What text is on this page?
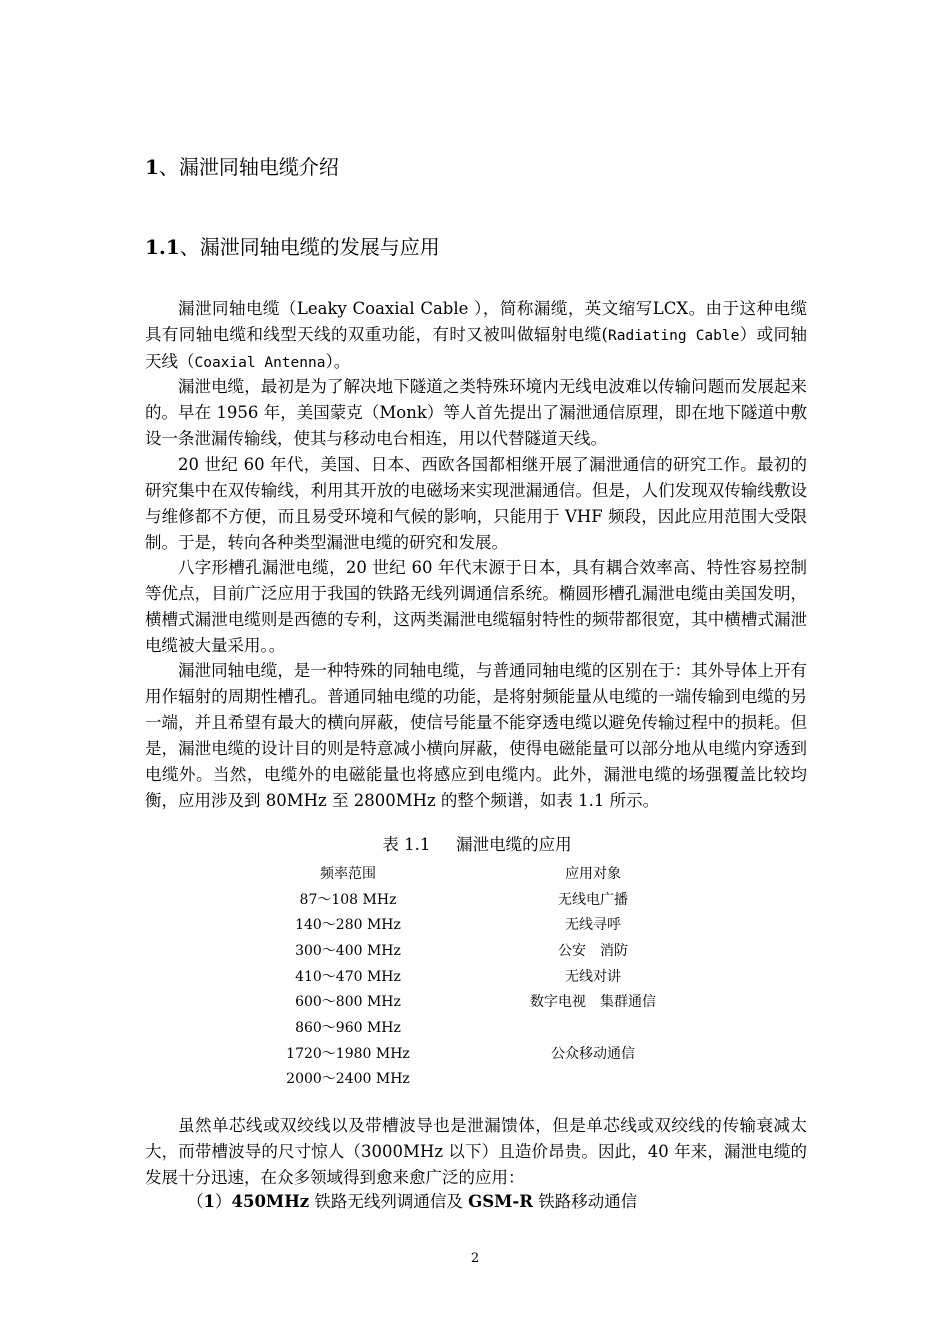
1、漏泄同轴电缆介绍
1.1、漏泄同轴电缆的发展与应用

漏泄同轴电缆（Leaky Coaxial Cable ），简称漏缆，英文缩写LCX。由于这种电缆具有同轴电缆和线型天线的双重功能，有时又被叫做辐射电缆(Radiating Cable）或同轴天线（Coaxial Antenna）。

漏泄电缆，最初是为了解决地下隧道之类特殊环境内无线电波难以传输问题而发展起来的。早在 1956 年，美国蒙克（Monk）等人首先提出了漏泄通信原理，即在地下隧道中敷设一条泄漏传输线，使其与移动电台相连，用以代替隧道天线。

20 世纪 60 年代，美国、日本、西欧各国都相继开展了漏泄通信的研究工作。最初的研究集中在双传输线，利用其开放的电磁场来实现泄漏通信。但是，人们发现双传输线敷设与维修都不方便，而且易受环境和气候的影响，只能用于 VHF 频段，因此应用范围大受限制。于是，转向各种类型漏泄电缆的研究和发展。

八字形槽孔漏泄电缆，20 世纪 60 年代末源于日本，具有耦合效率高、特性容易控制等优点，目前广泛应用于我国的铁路无线列调通信系统。椭圆形槽孔漏泄电缆由美国发明，横槽式漏泄电缆则是西德的专利，这两类漏泄电缆辐射特性的频带都很宽，其中横槽式漏泄电缆被大量采用。。

漏泄同轴电缆，是一种特殊的同轴电缆，与普通同轴电缆的区别在于：其外导体上开有用作辐射的周期性槽孔。普通同轴电缆的功能，是将射频能量从电缆的一端传输到电缆的另一端，并且希望有最大的横向屏蔽，使信号能量不能穿透电缆以避免传输过程中的损耗。但是，漏泄电缆的设计目的则是特意减小横向屏蔽，使得电磁能量可以部分地从电缆内穿透到电缆外。当然，电缆外的电磁能量也将感应到电缆内。此外，漏泄电缆的场强覆盖比较均衡，应用涉及到 80MHz 至 2800MHz 的整个频谱，如表 1.1 所示。

表 1.1　 漏泄电缆的应用
频率范围	应用对象
87～108 MHz	无线电广播
140～280 MHz	无线寻呼
300～400 MHz	公安　消防
410～470 MHz	无线对讲
600～800 MHz	数字电视　集群通信
860～960 MHz	
1720～1980 MHz	公众移动通信
2000～2400 MHz	

虽然单芯线或双绞线以及带槽波导也是泄漏馈体，但是单芯线或双绞线的传输衰减太大，而带槽波导的尺寸惊人（3000MHz 以下）且造价昂贵。因此，40 年来，漏泄电缆的发展十分迅速，在众多领域得到愈来愈广泛的应用：

（1）450MHz 铁路无线列调通信及 GSM-R 铁路移动通信
2
